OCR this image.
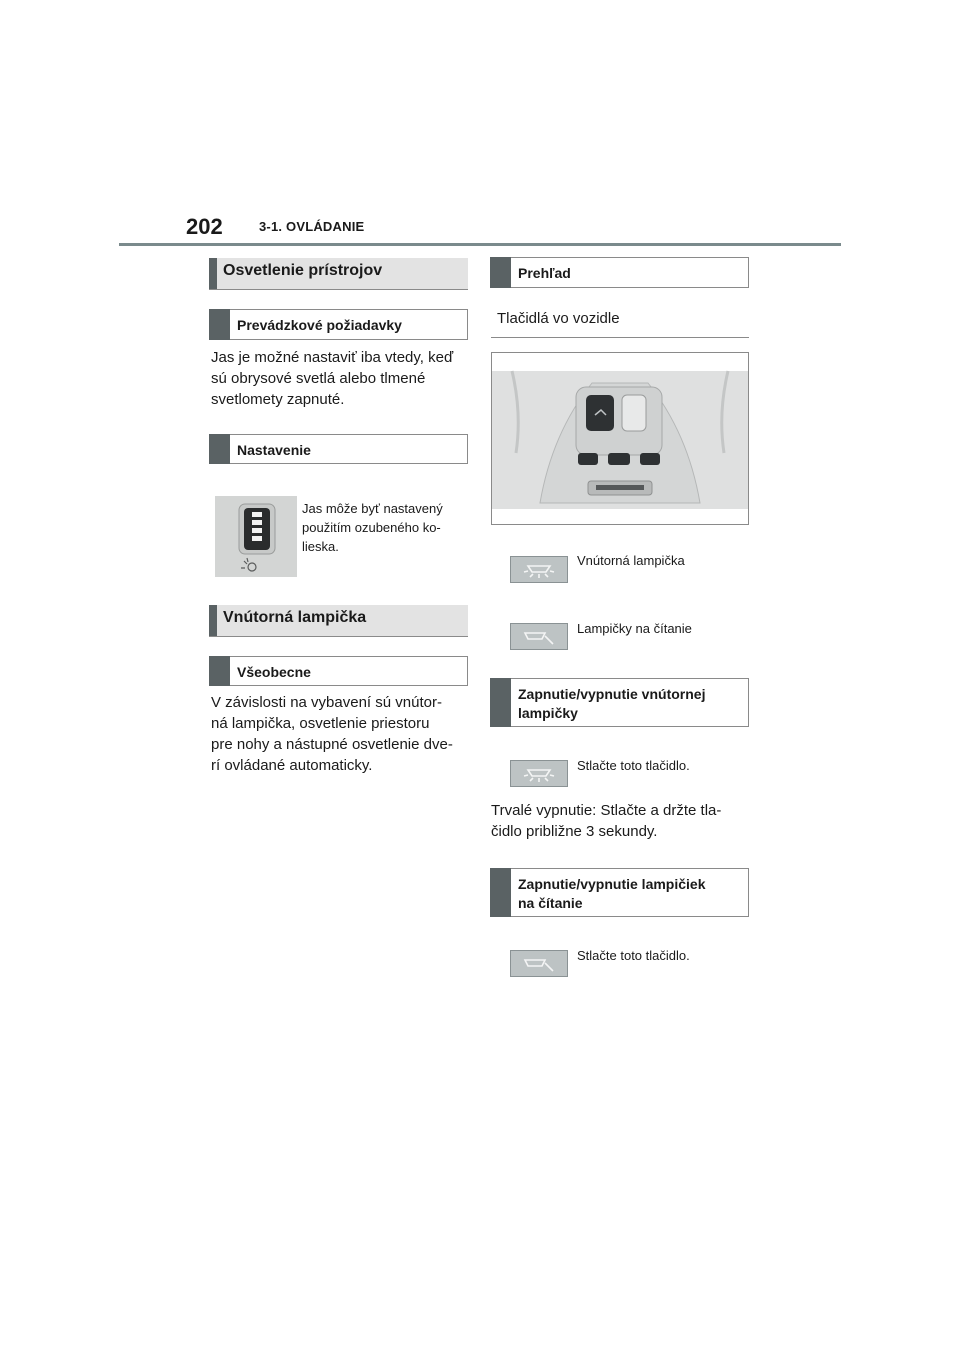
202	3-1. OVLÁDANIE
Osvetlenie prístrojov
Prevádzkové požiadavky
Jas je možné nastaviť iba vtedy, keď
sú obrysové svetlá alebo tlmené
svetlomety zapnuté.
Nastavenie
Jas môže byť nastavený
použitím ozubeného ko-
lieska.
Vnútorná lampička
Všeobecne
V závislosti na vybavení sú vnútor-
ná lampička, osvetlenie priestoru
pre nohy a nástupné osvetlenie dve-
rí ovládané automaticky.
Prehľad
Tlačidlá vo vozidle
Vnútorná lampička
Lampičky na čítanie
Zapnutie/vypnutie vnútornej
lampičky
Stlačte toto tlačidlo.
Trvalé vypnutie: Stlačte a držte tla-
čidlo približne 3 sekundy.
Zapnutie/vypnutie lampičiek
na čítanie
Stlačte toto tlačidlo.
